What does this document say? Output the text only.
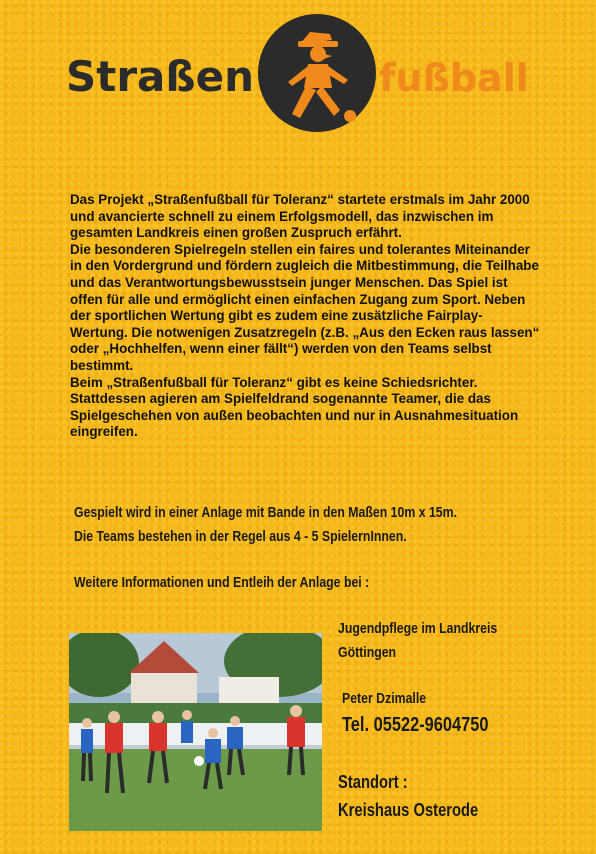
Straßen	fußball

Das Projekt „Straßenfußball für Toleranz“ startete erstmals im Jahr 2000 und avancierte schnell zu einem Erfolgsmodell, das inzwischen im gesamten Landkreis einen großen Zuspruch erfährt.

Die besonderen Spielregeln stellen ein faires und tolerantes Miteinander in den Vordergrund und fördern zugleich die Mitbestimmung, die Teilhabe und das Verantwortungsbewusstsein junger Menschen. Das Spiel ist offen für alle und ermöglicht einen einfachen Zugang zum Sport. Neben der sportlichen Wertung gibt es zudem eine zusätzliche Fairplay-Wertung. Die notwenigen Zusatzregeln (z.B. „Aus den Ecken raus lassen“ oder „Hochhelfen, wenn einer fällt“) werden von den Teams selbst bestimmt.

Beim „Straßenfußball für Toleranz“ gibt es keine Schiedsrichter. Stattdessen agieren am Spielfeldrand sogenannte Teamer, die das Spielgeschehen von außen beobachten und nur in Ausnahmesituation eingreifen.

Gespielt wird in einer Anlage mit Bande in den Maßen 10m x 15m.
Die Teams bestehen in der Regel aus 4 - 5 SpielernInnen.
Weitere Informationen und Entleih der Anlage bei :
Jugendpflege im Landkreis
Göttingen
Peter Dzimalle
Tel. 05522-9604750
Standort :
Kreishaus Osterode
